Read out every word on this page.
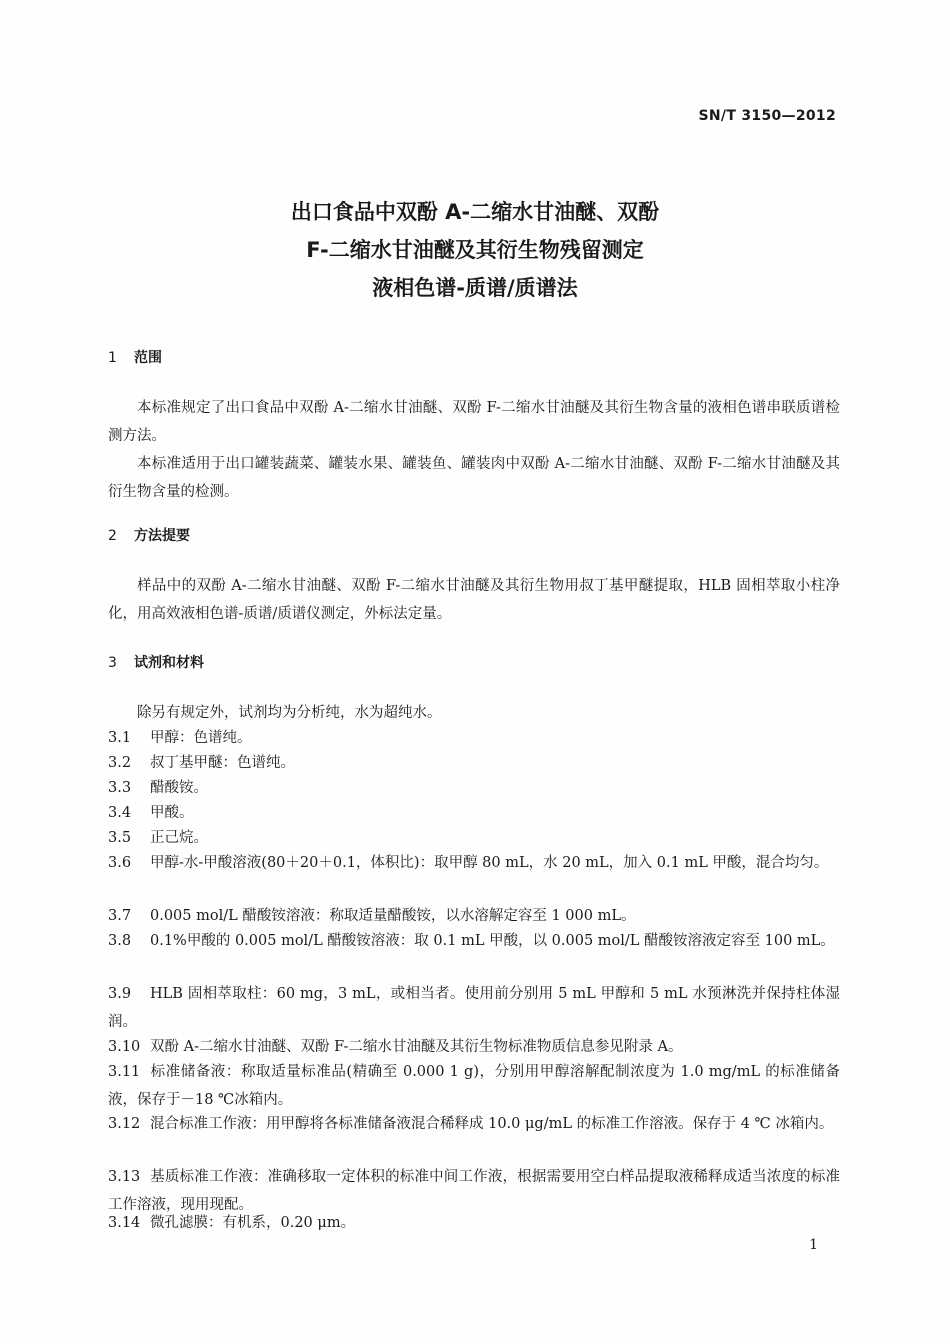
SN/T 3150—2012
出口食品中双酚 A-二缩水甘油醚、双酚
F-二缩水甘油醚及其衍生物残留测定
液相色谱-质谱/质谱法
1 范围
本标准规定了出口食品中双酚 A-二缩水甘油醚、双酚 F-二缩水甘油醚及其衍生物含量的液相色谱串联质谱检测方法。
本标准适用于出口罐装蔬菜、罐装水果、罐装鱼、罐装肉中双酚 A-二缩水甘油醚、双酚 F-二缩水甘油醚及其衍生物含量的检测。
2 方法提要
样品中的双酚 A-二缩水甘油醚、双酚 F-二缩水甘油醚及其衍生物用叔丁基甲醚提取，HLB 固相萃取小柱净化，用高效液相色谱-质谱/质谱仪测定，外标法定量。
3 试剂和材料
除另有规定外，试剂均为分析纯，水为超纯水。
3.1 甲醇：色谱纯。
3.2 叔丁基甲醚：色谱纯。
3.3 醋酸铵。
3.4 甲酸。
3.5 正己烷。
3.6 甲醇-水-甲酸溶液(80＋20＋0.1，体积比)：取甲醇 80 mL，水 20 mL，加入 0.1 mL 甲酸，混合均匀。
3.7 0.005 mol/L 醋酸铵溶液：称取适量醋酸铵，以水溶解定容至 1 000 mL。
3.8 0.1%甲酸的 0.005 mol/L 醋酸铵溶液：取 0.1 mL 甲酸，以 0.005 mol/L 醋酸铵溶液定容至 100 mL。
3.9 HLB 固相萃取柱：60 mg，3 mL，或相当者。使用前分别用 5 mL 甲醇和 5 mL 水预淋洗并保持柱体湿润。
3.10 双酚 A-二缩水甘油醚、双酚 F-二缩水甘油醚及其衍生物标准物质信息参见附录 A。
3.11 标准储备液：称取适量标准品(精确至 0.000 1 g)，分别用甲醇溶解配制浓度为 1.0 mg/mL 的标准储备液，保存于－18 ℃冰箱内。
3.12 混合标准工作液：用甲醇将各标准储备液混合稀释成 10.0 μg/mL 的标准工作溶液。保存于 4 ℃ 冰箱内。
3.13 基质标准工作液：准确移取一定体积的标准中间工作液，根据需要用空白样品提取液稀释成适当浓度的标准工作溶液，现用现配。
3.14 微孔滤膜：有机系，0.20 μm。
1
